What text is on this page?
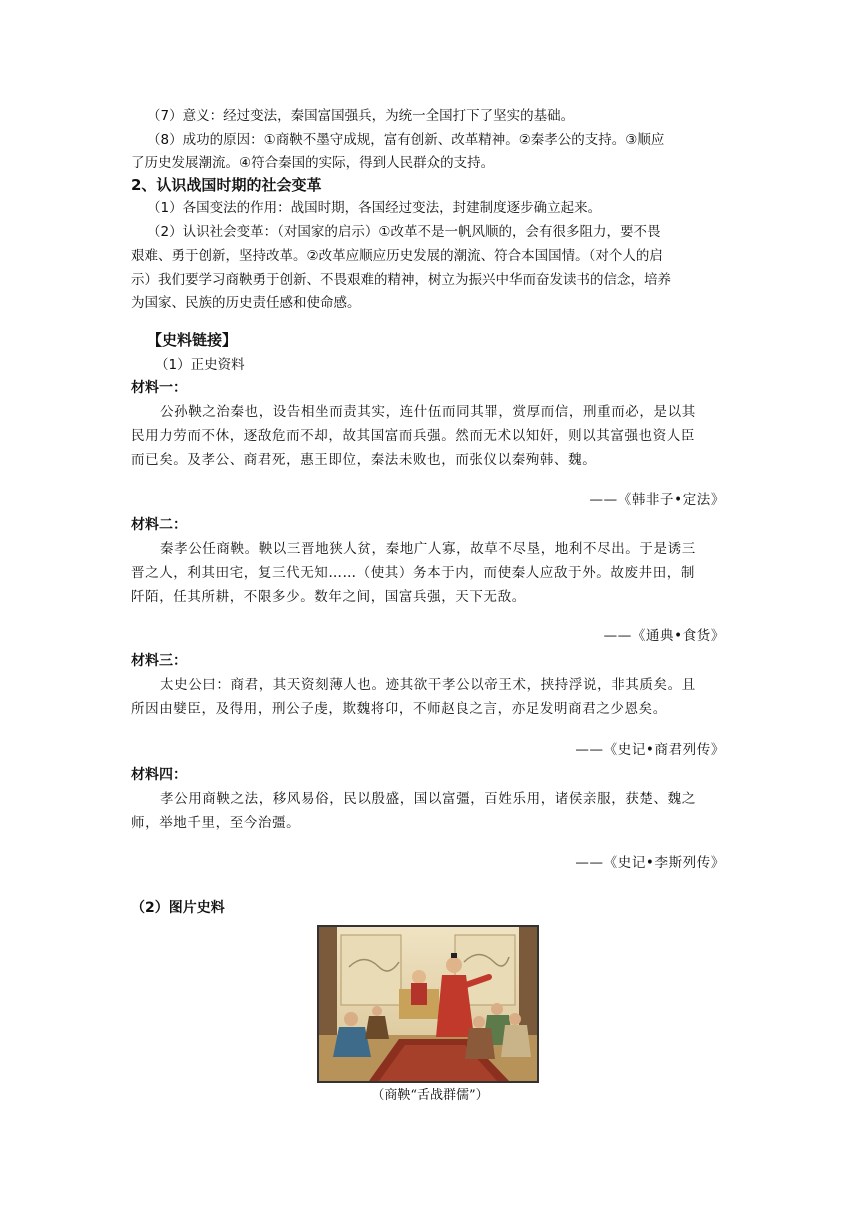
（7）意义：经过变法，秦国富国强兵，为统一全国打下了坚实的基础。
（8）成功的原因：①商鞅不墨守成规，富有创新、改革精神。②秦孝公的支持。③顺应
了历史发展潮流。④符合秦国的实际，得到人民群众的支持。
2、认识战国时期的社会变革
（1）各国变法的作用：战国时期，各国经过变法，封建制度逐步确立起来。
（2）认识社会变革：（对国家的启示）①改革不是一帆风顺的，会有很多阻力，要不畏
艰难、勇于创新，坚持改革。②改革应顺应历史发展的潮流、符合本国国情。（对个人的启
示）我们要学习商鞅勇于创新、不畏艰难的精神，树立为振兴中华而奋发读书的信念，培养
为国家、民族的历史责任感和使命感。
【史料链接】
（1）正史资料
材料一：
公孙鞅之治秦也，设告相坐而责其实，连什伍而同其罪，赏厚而信，刑重而必，是以其
民用力劳而不休，逐敌危而不却，故其国富而兵强。然而无术以知奸，则以其富强也资人臣
而已矣。及孝公、商君死，惠王即位，秦法未败也，而张仪以秦殉韩、魏。
——《韩非子•定法》
材料二：
秦孝公任商鞅。鞅以三晋地狭人贫，秦地广人寡，故草不尽垦，地利不尽出。于是诱三
晋之人，利其田宅，复三代无知……（使其）务本于内，而使秦人应敌于外。故废井田，制
阡陌，任其所耕，不限多少。数年之间，国富兵强，天下无敌。
——《通典•食货》
材料三：
太史公曰：商君，其天资刻薄人也。迹其欲干孝公以帝王术，挟持浮说，非其质矣。且
所因由嬖臣，及得用，刑公子虔，欺魏将卬，不师赵良之言，亦足发明商君之少恩矣。
——《史记•商君列传》
材料四：
孝公用商鞅之法，移风易俗，民以殷盛，国以富彊，百姓乐用，诸侯亲服，获楚、魏之
师，举地千里，至今治彊。
——《史记•李斯列传》
（2）图片史料
（商鞅“舌战群儒”）
